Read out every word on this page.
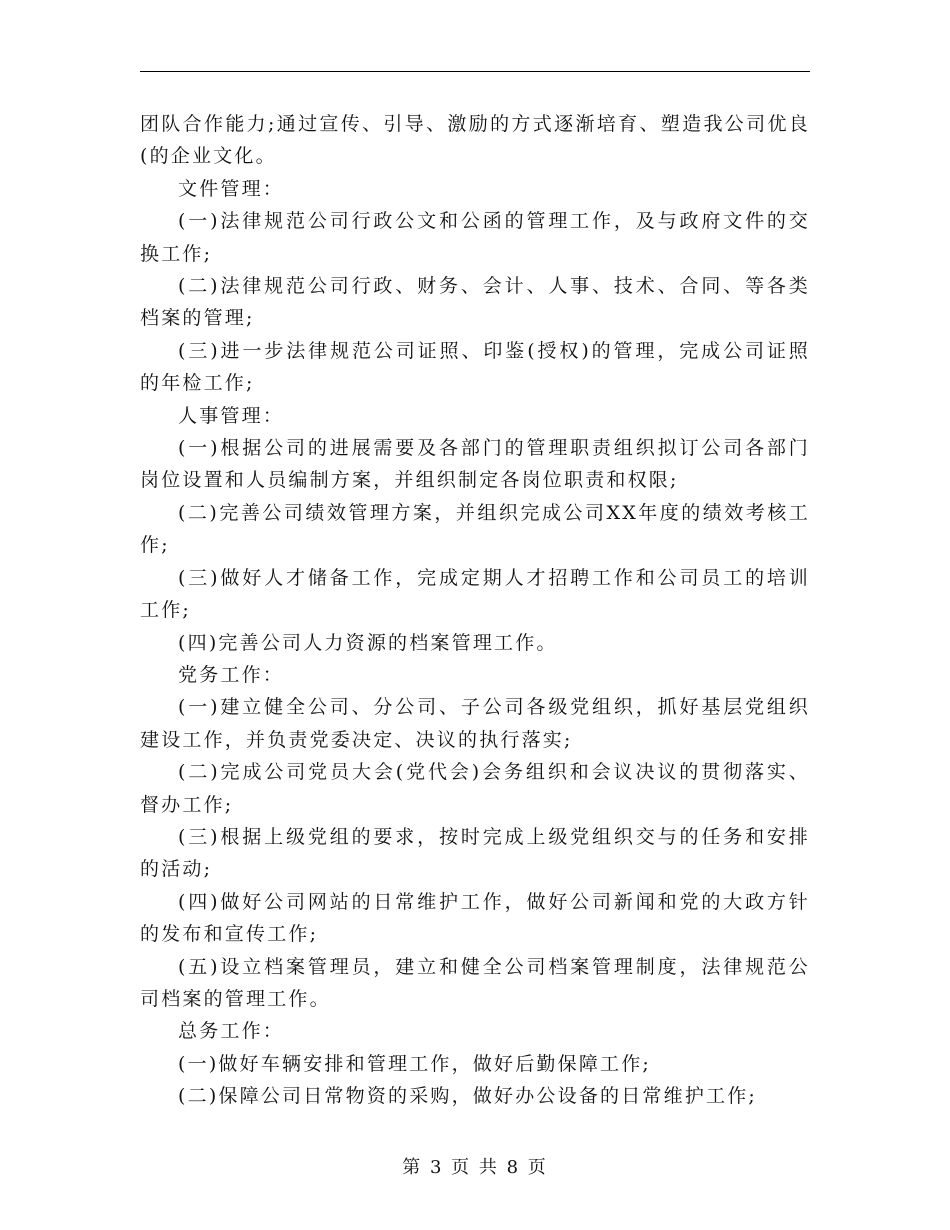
团队合作能力;通过宣传、引导、激励的方式逐渐培育、塑造我公司优良(的企业文化。

文件管理：

(一)法律规范公司行政公文和公函的管理工作，及与政府文件的交换工作;

(二)法律规范公司行政、财务、会计、人事、技术、合同、等各类档案的管理;

(三)进一步法律规范公司证照、印鉴(授权)的管理，完成公司证照的年检工作;

人事管理：

(一)根据公司的进展需要及各部门的管理职责组织拟订公司各部门岗位设置和人员编制方案，并组织制定各岗位职责和权限;

(二)完善公司绩效管理方案，并组织完成公司XX年度的绩效考核工作;

(三)做好人才储备工作，完成定期人才招聘工作和公司员工的培训工作;

(四)完善公司人力资源的档案管理工作。

党务工作：

(一)建立健全公司、分公司、子公司各级党组织，抓好基层党组织建设工作，并负责党委决定、决议的执行落实;

(二)完成公司党员大会(党代会)会务组织和会议决议的贯彻落实、督办工作;

(三)根据上级党组的要求，按时完成上级党组织交与的任务和安排的活动;

(四)做好公司网站的日常维护工作，做好公司新闻和党的大政方针的发布和宣传工作;

(五)设立档案管理员，建立和健全公司档案管理制度，法律规范公司档案的管理工作。

总务工作：

(一)做好车辆安排和管理工作，做好后勤保障工作;

(二)保障公司日常物资的采购，做好办公设备的日常维护工作;

第 3 页 共 8 页
